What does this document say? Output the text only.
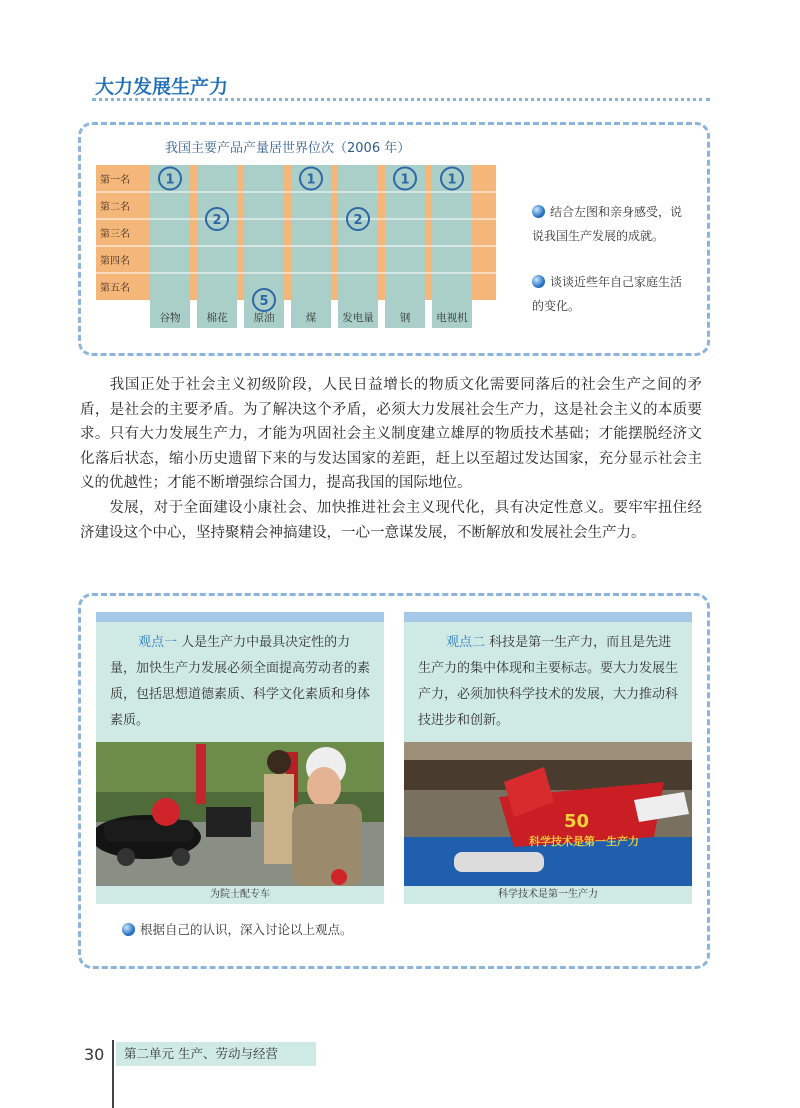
大力发展生产力
我国主要产品产量居世界位次（2006 年）
第一名
第二名
第三名
第四名
第五名
谷物 棉花 原油	煤 发电量 钢 电视机
1
2
5
1
2
1	1
结合左图和亲身感受，说说我国生产发展的成就。
谈谈近些年自己家庭生活的变化。
我国正处于社会主义初级阶段，人民日益增长的物质文化需要同落后的社会生产之间的矛盾，是社会的主要矛盾。为了解决这个矛盾，必须大力发展社会生产力，这是社会主义的本质要求。只有大力发展生产力，才能为巩固社会主义制度建立雄厚的物质技术基础；才能摆脱经济文化落后状态，缩小历史遗留下来的与发达国家的差距，赶上以至超过发达国家，充分显示社会主义的优越性；才能不断增强综合国力，提高我国的国际地位。
发展，对于全面建设小康社会、加快推进社会主义现代化，具有决定性意义。要牢牢扭住经济建设这个中心，坚持聚精会神搞建设，一心一意谋发展，不断解放和发展社会生产力。
观点一 人是生产力中最具决定性的力量，加快生产力发展必须全面提高劳动者的素质，包括思想道德素质、科学文化素质和身体素质。
观点二 科技是第一生产力，而且是先进生产力的集中体现和主要标志。要大力发展生产力，必须加快科学技术的发展，大力推动科技进步和创新。
为院士配专车
50
科学技术是第一生产力
科学技术是第一生产力
根据自己的认识，深入讨论以上观点。
30	第二单元 生产、劳动与经营
